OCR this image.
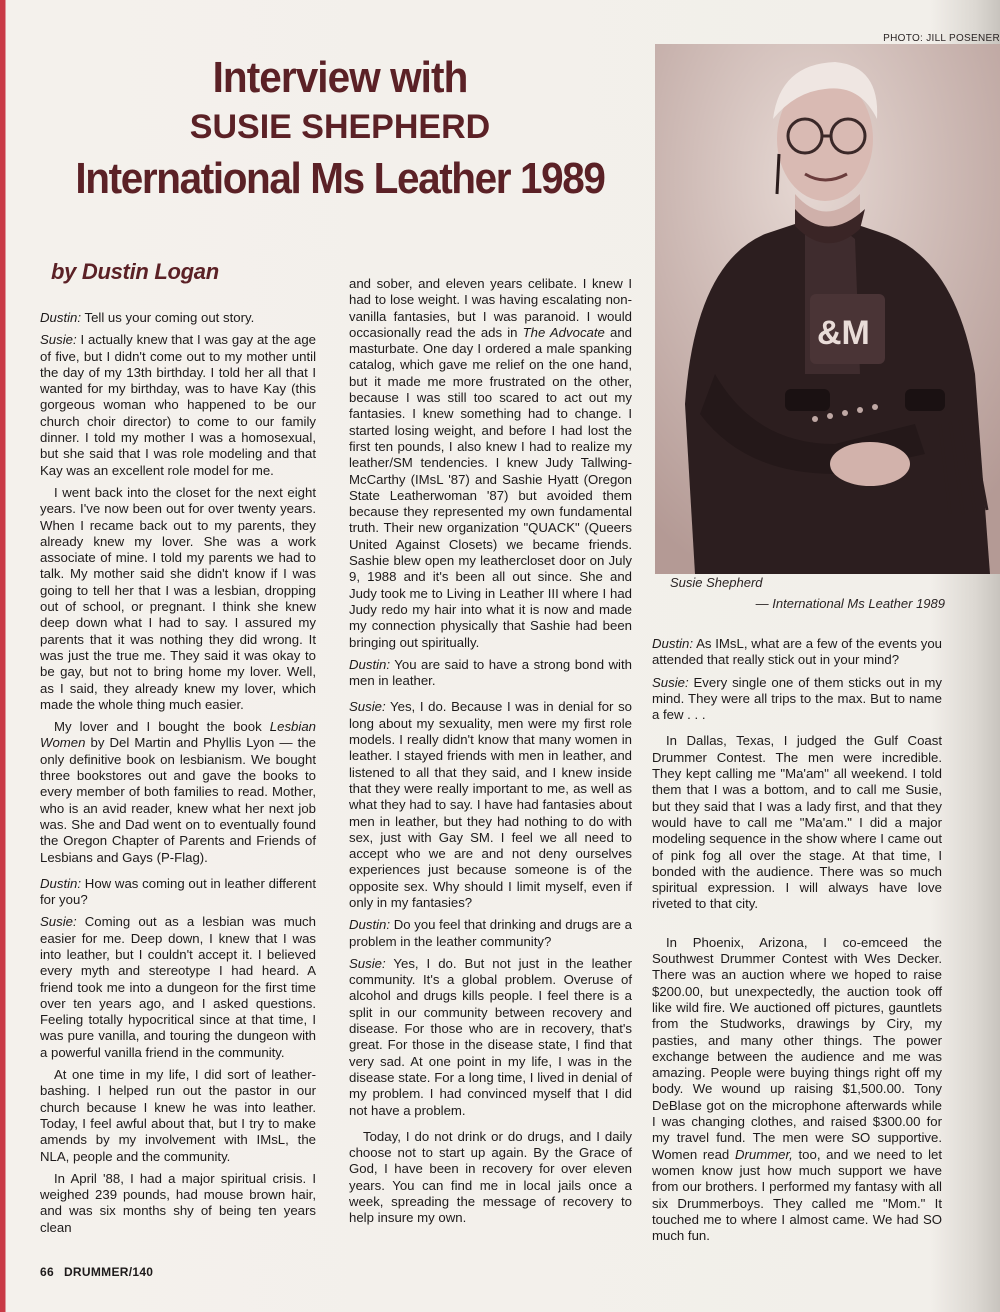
PHOTO: JILL POSENER
Interview with
SUSIE SHEPHERD
International Ms Leather 1989
by Dustin Logan

Dustin: Tell us your coming out story.

Susie: I actually knew that I was gay at the age of five, but I didn't come out to my mother until the day of my 13th birthday. I told her all that I wanted for my birthday, was to have Kay (this gorgeous woman who happened to be our church choir director) to come to our family dinner. I told my mother I was a homosexual, but she said that I was role modeling and that Kay was an excellent role model for me.

I went back into the closet for the next eight years. I've now been out for over twenty years. When I recame back out to my parents, they already knew my lover. She was a work associate of mine. I told my parents we had to talk. My mother said she didn't know if I was going to tell her that I was a lesbian, dropping out of school, or pregnant. I think she knew deep down what I had to say. I assured my parents that it was nothing they did wrong. It was just the true me. They said it was okay to be gay, but not to bring home my lover. Well, as I said, they already knew my lover, which made the whole thing much easier.

My lover and I bought the book Lesbian Women by Del Martin and Phyllis Lyon — the only definitive book on lesbianism. We bought three bookstores out and gave the books to every member of both families to read. Mother, who is an avid reader, knew what her next job was. She and Dad went on to eventually found the Oregon Chapter of Parents and Friends of Lesbians and Gays (P-Flag).

Dustin: How was coming out in leather different for you?

Susie: Coming out as a lesbian was much easier for me. Deep down, I knew that I was into leather, but I couldn't accept it. I believed every myth and stereotype I had heard. A friend took me into a dungeon for the first time over ten years ago, and I asked questions. Feeling totally hypocritical since at that time, I was pure vanilla, and touring the dungeon with a powerful vanilla friend in the community.

At one time in my life, I did sort of leather-bashing. I helped run out the pastor in our church because I knew he was into leather. Today, I feel awful about that, but I try to make amends by my involvement with IMsL, the NLA, people and the community.

In April '88, I had a major spiritual crisis. I weighed 239 pounds, had mouse brown hair, and was six months shy of being ten years clean

and sober, and eleven years celibate. I knew I had to lose weight. I was having escalating non-vanilla fantasies, but I was paranoid. I would occasionally read the ads in The Advocate and masturbate. One day I ordered a male spanking catalog, which gave me relief on the one hand, but it made me more frustrated on the other, because I was still too scared to act out my fantasies. I knew something had to change. I started losing weight, and before I had lost the first ten pounds, I also knew I had to realize my leather/SM tendencies. I knew Judy Tallwing-McCarthy (IMsL '87) and Sashie Hyatt (Oregon State Leatherwoman '87) but avoided them because they represented my own fundamental truth. Their new organization "QUACK" (Queers United Against Closets) we became friends. Sashie blew open my leathercloset door on July 9, 1988 and it's been all out since. She and Judy took me to Living in Leather III where I had Judy redo my hair into what it is now and made my connection physically that Sashie had been bringing out spiritually.

Dustin: You are said to have a strong bond with men in leather.

Susie: Yes, I do. Because I was in denial for so long about my sexuality, men were my first role models. I really didn't know that many women in leather. I stayed friends with men in leather, and listened to all that they said, and I knew inside that they were really important to me, as well as what they had to say. I have had fantasies about men in leather, but they had nothing to do with sex, just with Gay SM. I feel we all need to accept who we are and not deny ourselves experiences just because someone is of the opposite sex. Why should I limit myself, even if only in my fantasies?

Dustin: Do you feel that drinking and drugs are a problem in the leather community?

Susie: Yes, I do. But not just in the leather community. It's a global problem. Overuse of alcohol and drugs kills people. I feel there is a split in our community between recovery and disease. For those who are in recovery, that's great. For those in the disease state, I find that very sad. At one point in my life, I was in the disease state. For a long time, I lived in denial of my problem. I had convinced myself that I did not have a problem.

Today, I do not drink or do drugs, and I daily choose not to start up again. By the Grace of God, I have been in recovery for over eleven years. You can find me in local jails once a week, spreading the message of recovery to help insure my own.

&M
Susie Shepherd
— International Ms Leather 1989

Dustin: As IMsL, what are a few of the events you attended that really stick out in your mind?

Susie: Every single one of them sticks out in my mind. They were all trips to the max. But to name a few . . .

In Dallas, Texas, I judged the Gulf Coast Drummer Contest. The men were incredible. They kept calling me "Ma'am" all weekend. I told them that I was a bottom, and to call me Susie, but they said that I was a lady first, and that they would have to call me "Ma'am." I did a major modeling sequence in the show where I came out of pink fog all over the stage. At that time, I bonded with the audience. There was so much spiritual expression. I will always have love riveted to that city.

In Phoenix, Arizona, I co-emceed the Southwest Drummer Contest with Wes Decker. There was an auction where we hoped to raise $200.00, but unexpectedly, the auction took off like wild fire. We auctioned off pictures, gauntlets from the Studworks, drawings by Ciry, my pasties, and many other things. The power exchange between the audience and me was amazing. People were buying things right off my body. We wound up raising $1,500.00. Tony DeBlase got on the microphone afterwards while I was changing clothes, and raised $300.00 for my travel fund. The men were SO supportive. Women read Drummer, too, and we need to let women know just how much support we have from our brothers. I performed my fantasy with all six Drummerboys. They called me "Mom." It touched me to where I almost came. We had SO much fun.

66 DRUMMER/140
